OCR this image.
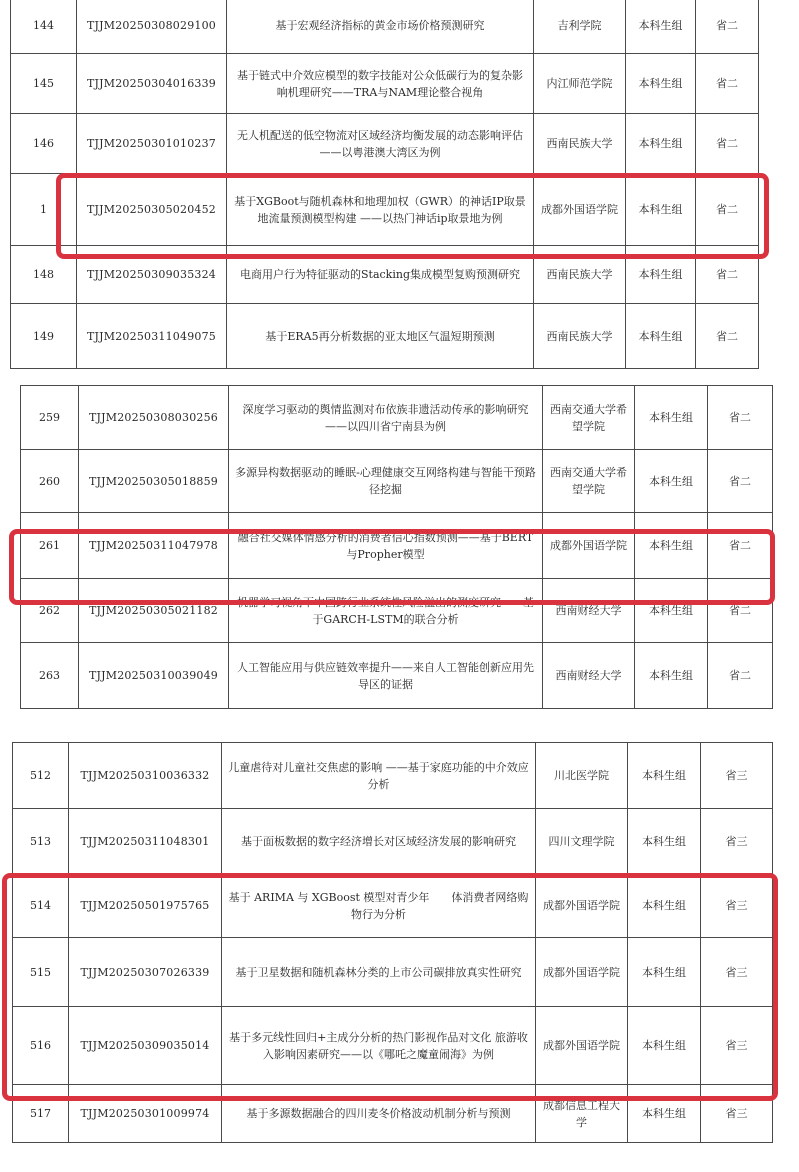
144	TJJM20250308029100	基于宏观经济指标的黄金市场价格预测研究	吉利学院	本科生组	省二
145	TJJM20250304016339	基于链式中介效应模型的数字技能对公众低碳行为的复杂影响机理研究——TRA与NAM理论整合视角	内江师范学院	本科生组	省二
146	TJJM20250301010237	无人机配送的低空物流对区域经济均衡发展的动态影响评估——以粤港澳大湾区为例	西南民族大学	本科生组	省二
1	TJJM20250305020452	基于XGBoot与随机森林和地理加权（GWR）的神话IP取景地流量预测模型构建 ——以热门神话ip取景地为例	成都外国语学院	本科生组	省二
148	TJJM20250309035324	电商用户行为特征驱动的Stacking集成模型复购预测研究	西南民族大学	本科生组	省二
149	TJJM20250311049075	基于ERA5再分析数据的亚太地区气温短期预测	西南民族大学	本科生组	省二
259	TJJM20250308030256	深度学习驱动的舆情监测对布依族非遗活动传承的影响研究——以四川省宁南县为例	西南交通大学希望学院	本科生组	省二
260	TJJM20250305018859	多源异构数据驱动的睡眠-心理健康交互网络构建与智能干预路径挖掘	西南交通大学希望学院	本科生组	省二
261	TJJM20250311047978	融合社交媒体情感分析的消费者信心指数预测——基于BERT与Propher模型	成都外国语学院	本科生组	省二
262	TJJM20250305021182	机器学习视角下中国跨行业系统性风险溢出的测度研究——基于GARCH-LSTM的联合分析	西南财经大学	本科生组	省二
263	TJJM20250310039049	人工智能应用与供应链效率提升——来自人工智能创新应用先导区的证据	西南财经大学	本科生组	省二
512	TJJM20250310036332	儿童虐待对儿童社交焦虑的影响 ——基于家庭功能的中介效应分析	川北医学院	本科生组	省三
513	TJJM20250311048301	基于面板数据的数字经济增长对区域经济发展的影响研究	四川文理学院	本科生组	省三
514	TJJM20250501975765	基于 ARIMA 与 XGBoost 模型对青少年　　体消费者网络购物行为分析	成都外国语学院	本科生组	省三
515	TJJM20250307026339	基于卫星数据和随机森林分类的上市公司碳排放真实性研究	成都外国语学院	本科生组	省三
516	TJJM20250309035014	基于多元线性回归+主成分分析的热门影视作品对文化 旅游收入影响因素研究——以《哪吒之魔童闹海》为例	成都外国语学院	本科生组	省三
517	TJJM20250301009974	基于多源数据融合的四川麦冬价格波动机制分析与预测	成都信息工程大学	本科生组	省三
